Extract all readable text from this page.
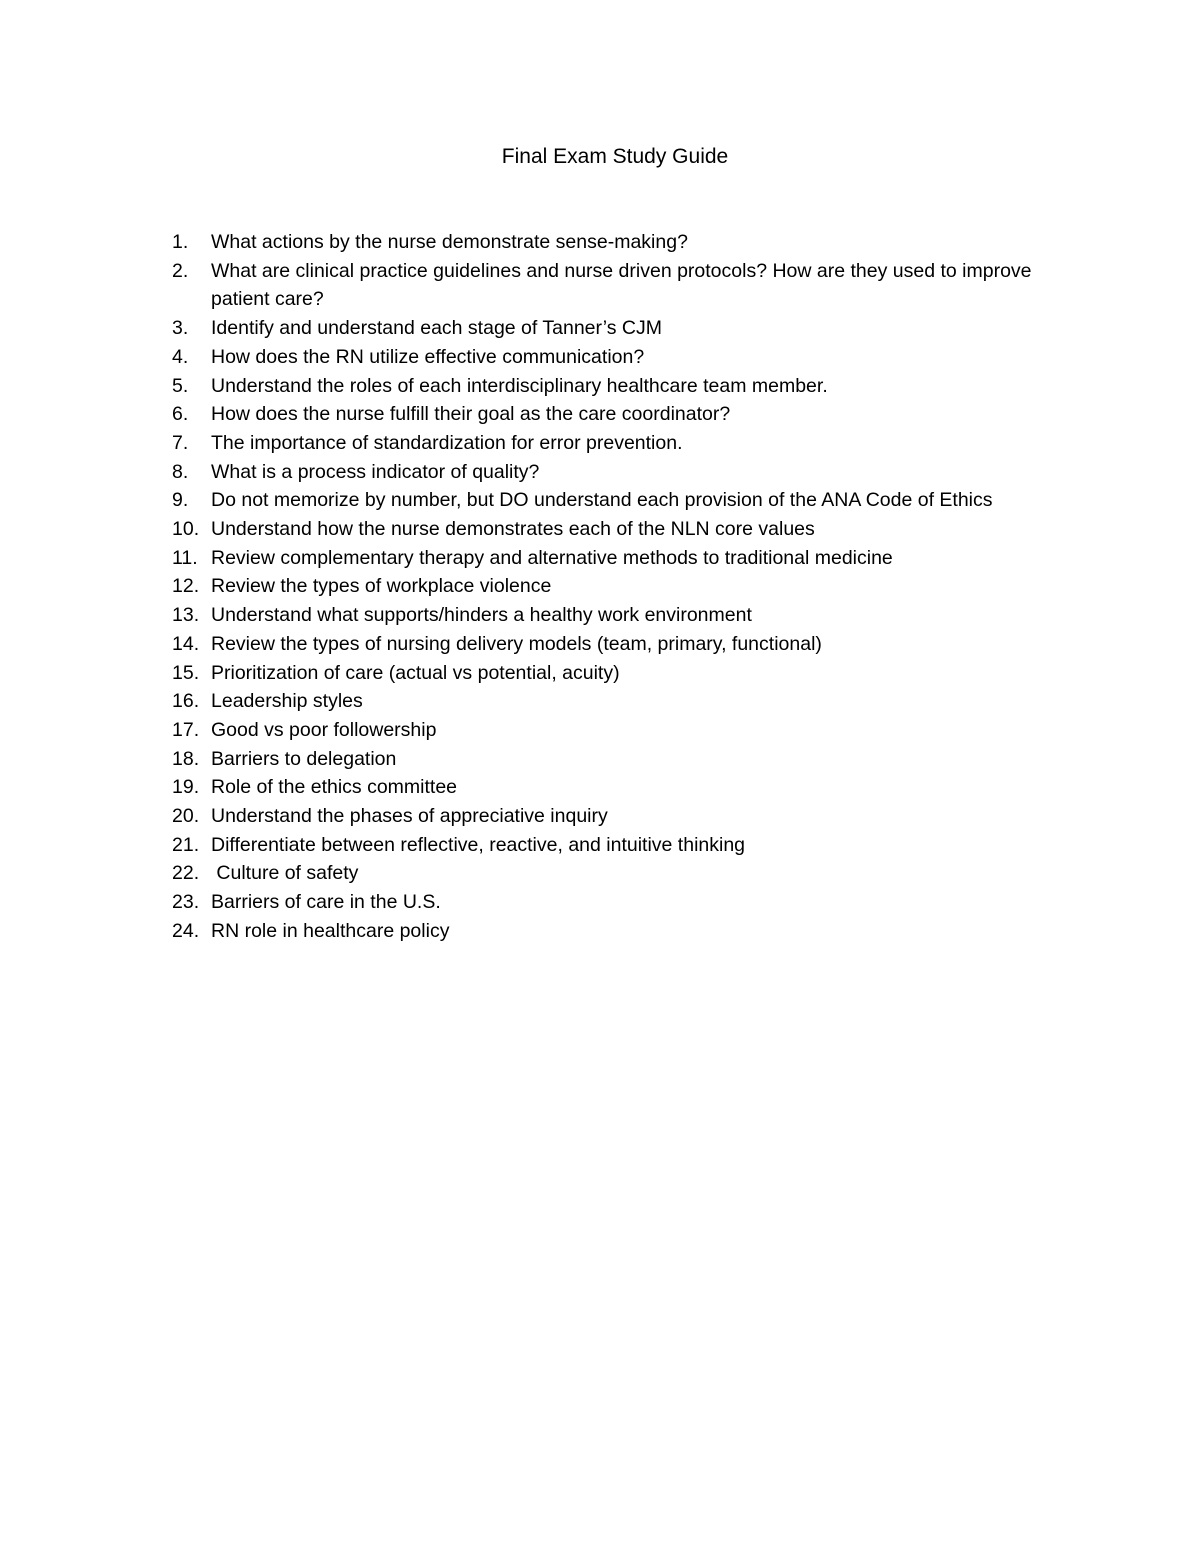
Final Exam Study Guide
1.	What actions by the nurse demonstrate sense-making?
2.	What are clinical practice guidelines and nurse driven protocols? How are they used to improve patient care?
3.	Identify and understand each stage of Tanner’s CJM
4.	How does the RN utilize effective communication?
5.	Understand the roles of each interdisciplinary healthcare team member.
6.	How does the nurse fulfill their goal as the care coordinator?
7.	The importance of standardization for error prevention.
8.	What is a process indicator of quality?
9.	Do not memorize by number, but DO understand each provision of the ANA Code of Ethics
10. Understand how the nurse demonstrates each of the NLN core values
11. Review complementary therapy and alternative methods to traditional medicine
12. Review the types of workplace violence
13. Understand what supports/hinders a healthy work environment
14. Review the types of nursing delivery models (team, primary, functional)
15. Prioritization of care (actual vs potential, acuity)
16. Leadership styles
17. Good vs poor followership
18. Barriers to delegation
19. Role of the ethics committee
20. Understand the phases of appreciative inquiry
21. Differentiate between reflective, reactive, and intuitive thinking
22. Culture of safety
23. Barriers of care in the U.S.
24. RN role in healthcare policy
